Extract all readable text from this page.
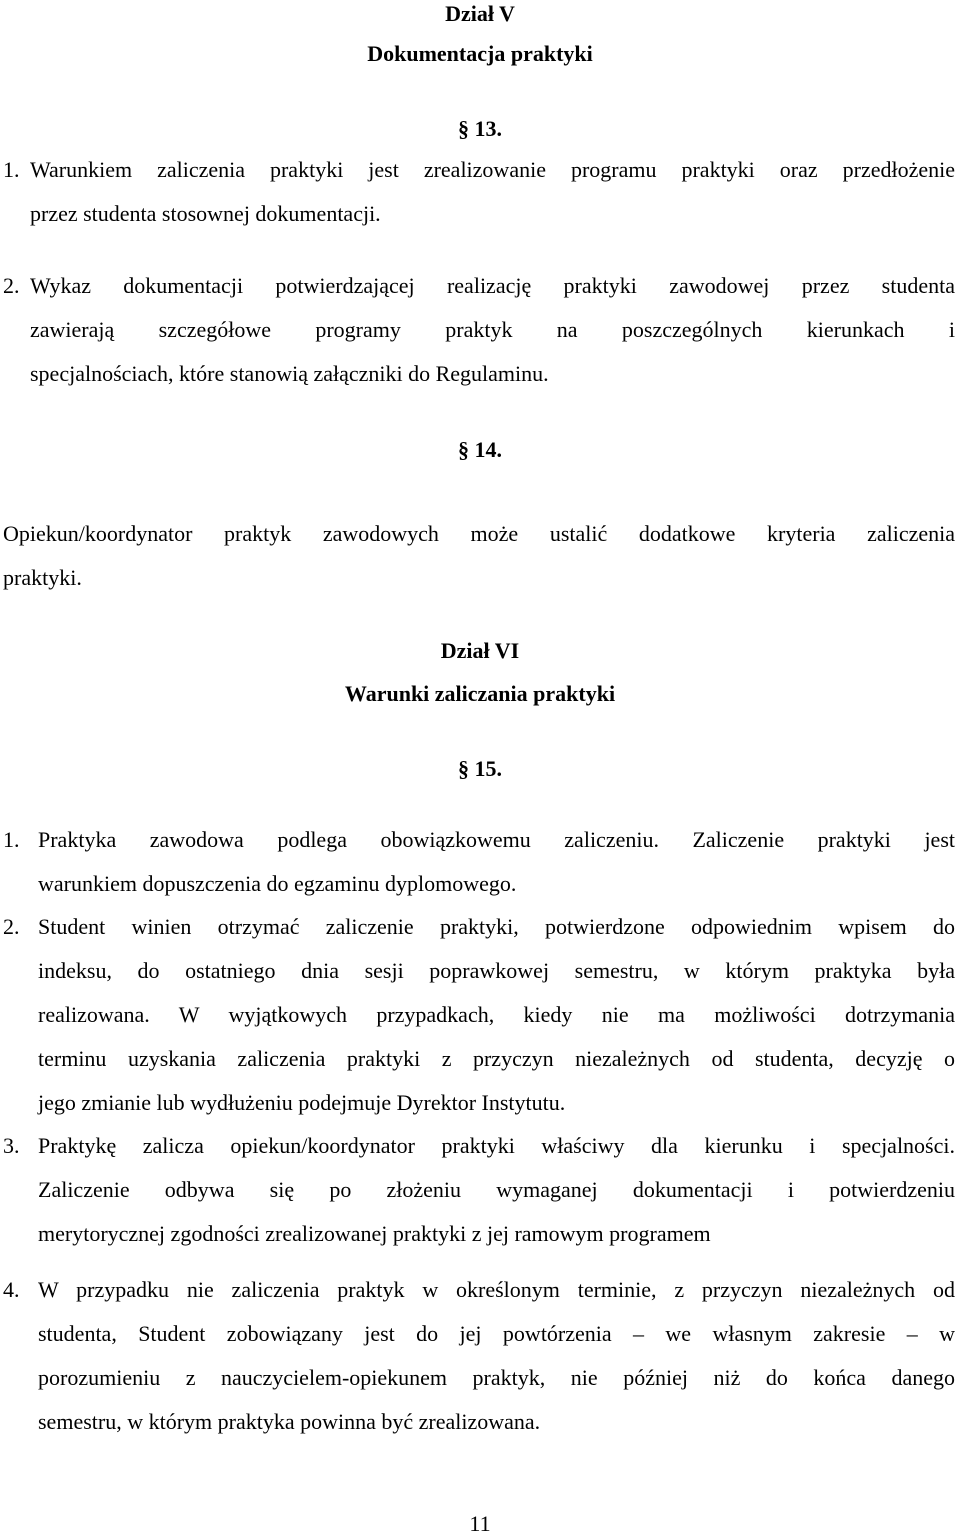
Dział V
Dokumentacja praktyki
§ 13.
1. Warunkiem zaliczenia praktyki jest zrealizowanie programu praktyki oraz przedłożenie
przez studenta stosownej dokumentacji.
2. Wykaz dokumentacji potwierdzającej realizację praktyki zawodowej przez studenta
zawierają szczegółowe programy praktyk na poszczególnych kierunkach i
specjalnościach, które stanowią załączniki do Regulaminu.
§ 14.
Opiekun/koordynator praktyk zawodowych może ustalić dodatkowe kryteria zaliczenia
praktyki.
Dział VI
Warunki zaliczania praktyki
§ 15.
1. Praktyka zawodowa podlega obowiązkowemu zaliczeniu. Zaliczenie praktyki jest
warunkiem dopuszczenia do egzaminu dyplomowego.
2. Student winien otrzymać zaliczenie praktyki, potwierdzone odpowiednim wpisem do
indeksu, do ostatniego dnia sesji poprawkowej semestru, w którym praktyka była
realizowana. W wyjątkowych przypadkach, kiedy nie ma możliwości dotrzymania
terminu uzyskania zaliczenia praktyki z przyczyn niezależnych od studenta, decyzję o
jego zmianie lub wydłużeniu podejmuje Dyrektor Instytutu.
3. Praktykę zalicza opiekun/koordynator praktyki właściwy dla kierunku i specjalności.
Zaliczenie odbywa się po złożeniu wymaganej dokumentacji i potwierdzeniu
merytorycznej zgodności zrealizowanej praktyki z jej ramowym programem
4. W przypadku nie zaliczenia praktyk w określonym terminie, z przyczyn niezależnych od
studenta, Student zobowiązany jest do jej powtórzenia – we własnym zakresie – w
porozumieniu z nauczycielem-opiekunem praktyk, nie później niż do końca danego
semestru, w którym praktyka powinna być zrealizowana.
11
